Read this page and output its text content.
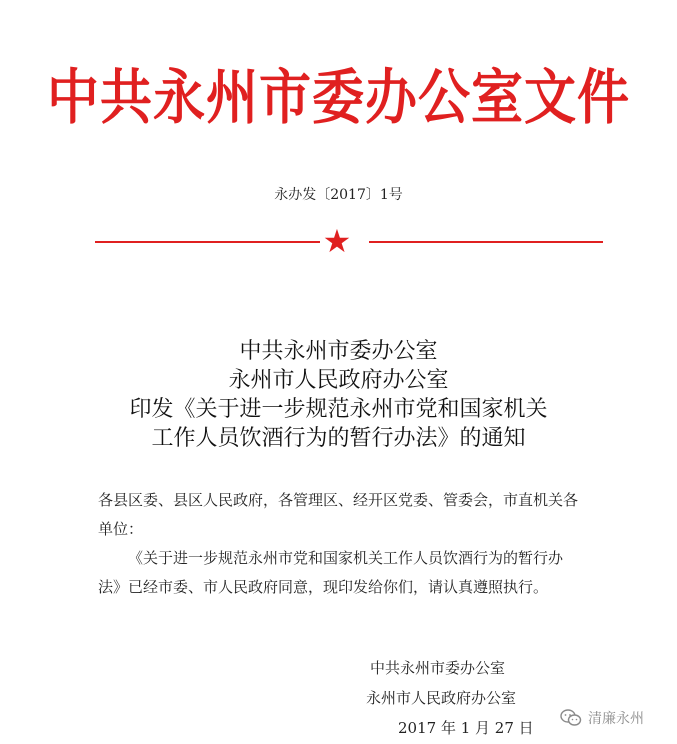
中共永州市委办公室文件
永办发〔2017〕1号
★
中共永州市委办公室
永州市人民政府办公室
印发《关于进一步规范永州市党和国家机关
工作人员饮酒行为的暂行办法》的通知

各县区委、县区人民政府，各管理区、经开区党委、管委会，市直机关各单位：

《关于进一步规范永州市党和国家机关工作人员饮酒行为的暂行办法》已经市委、市人民政府同意，现印发给你们，请认真遵照执行。

中共永州市委办公室
永州市人民政府办公室
2017 年 1 月 27 日	清廉永州
